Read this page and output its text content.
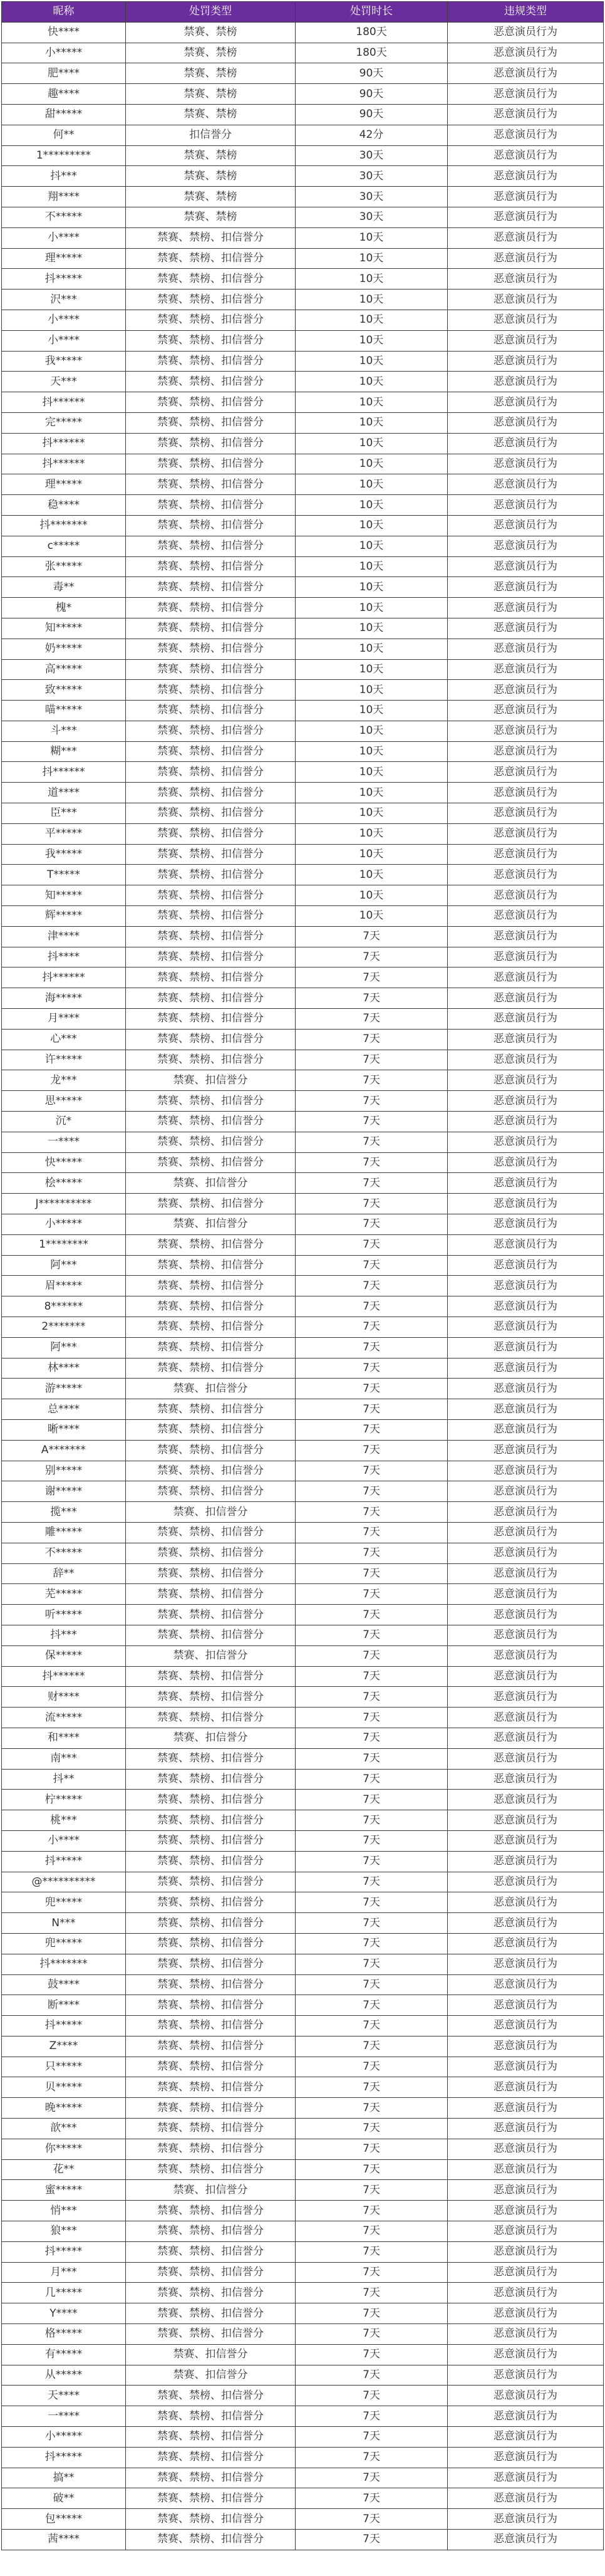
昵称	处罚类型	处罚时长	违规类型
快****	禁赛、禁榜	180天	恶意演员行为
小*****	禁赛、禁榜	180天	恶意演员行为
肥****	禁赛、禁榜	90天	恶意演员行为
趣****	禁赛、禁榜	90天	恶意演员行为
甜*****	禁赛、禁榜	90天	恶意演员行为
何**	扣信誉分	42分	恶意演员行为
1*********	禁赛、禁榜	30天	恶意演员行为
抖***	禁赛、禁榜	30天	恶意演员行为
翔****	禁赛、禁榜	30天	恶意演员行为
不*****	禁赛、禁榜	30天	恶意演员行为
小****	禁赛、禁榜、扣信誉分	10天	恶意演员行为
理*****	禁赛、禁榜、扣信誉分	10天	恶意演员行为
抖*****	禁赛、禁榜、扣信誉分	10天	恶意演员行为
沢***	禁赛、禁榜、扣信誉分	10天	恶意演员行为
小****	禁赛、禁榜、扣信誉分	10天	恶意演员行为
小****	禁赛、禁榜、扣信誉分	10天	恶意演员行为
我*****	禁赛、禁榜、扣信誉分	10天	恶意演员行为
天***	禁赛、禁榜、扣信誉分	10天	恶意演员行为
抖******	禁赛、禁榜、扣信誉分	10天	恶意演员行为
完*****	禁赛、禁榜、扣信誉分	10天	恶意演员行为
抖******	禁赛、禁榜、扣信誉分	10天	恶意演员行为
抖******	禁赛、禁榜、扣信誉分	10天	恶意演员行为
理*****	禁赛、禁榜、扣信誉分	10天	恶意演员行为
稳****	禁赛、禁榜、扣信誉分	10天	恶意演员行为
抖*******	禁赛、禁榜、扣信誉分	10天	恶意演员行为
c*****	禁赛、禁榜、扣信誉分	10天	恶意演员行为
张*****	禁赛、禁榜、扣信誉分	10天	恶意演员行为
毒**	禁赛、禁榜、扣信誉分	10天	恶意演员行为
槐*	禁赛、禁榜、扣信誉分	10天	恶意演员行为
知*****	禁赛、禁榜、扣信誉分	10天	恶意演员行为
奶*****	禁赛、禁榜、扣信誉分	10天	恶意演员行为
高*****	禁赛、禁榜、扣信誉分	10天	恶意演员行为
致*****	禁赛、禁榜、扣信誉分	10天	恶意演员行为
喵*****	禁赛、禁榜、扣信誉分	10天	恶意演员行为
斗***	禁赛、禁榜、扣信誉分	10天	恶意演员行为
糊***	禁赛、禁榜、扣信誉分	10天	恶意演员行为
抖******	禁赛、禁榜、扣信誉分	10天	恶意演员行为
道****	禁赛、禁榜、扣信誉分	10天	恶意演员行为
臣***	禁赛、禁榜、扣信誉分	10天	恶意演员行为
平*****	禁赛、禁榜、扣信誉分	10天	恶意演员行为
我*****	禁赛、禁榜、扣信誉分	10天	恶意演员行为
T*****	禁赛、禁榜、扣信誉分	10天	恶意演员行为
知*****	禁赛、禁榜、扣信誉分	10天	恶意演员行为
辉*****	禁赛、禁榜、扣信誉分	10天	恶意演员行为
津****	禁赛、禁榜、扣信誉分	7天	恶意演员行为
抖****	禁赛、禁榜、扣信誉分	7天	恶意演员行为
抖******	禁赛、禁榜、扣信誉分	7天	恶意演员行为
海*****	禁赛、禁榜、扣信誉分	7天	恶意演员行为
月****	禁赛、禁榜、扣信誉分	7天	恶意演员行为
心***	禁赛、禁榜、扣信誉分	7天	恶意演员行为
许*****	禁赛、禁榜、扣信誉分	7天	恶意演员行为
龙***	禁赛、扣信誉分	7天	恶意演员行为
思*****	禁赛、禁榜、扣信誉分	7天	恶意演员行为
沉*	禁赛、禁榜、扣信誉分	7天	恶意演员行为
一****	禁赛、禁榜、扣信誉分	7天	恶意演员行为
快*****	禁赛、禁榜、扣信誉分	7天	恶意演员行为
桧*****	禁赛、扣信誉分	7天	恶意演员行为
J**********	禁赛、禁榜、扣信誉分	7天	恶意演员行为
小*****	禁赛、扣信誉分	7天	恶意演员行为
1********	禁赛、禁榜、扣信誉分	7天	恶意演员行为
阿***	禁赛、禁榜、扣信誉分	7天	恶意演员行为
眉*****	禁赛、禁榜、扣信誉分	7天	恶意演员行为
8******	禁赛、禁榜、扣信誉分	7天	恶意演员行为
2*******	禁赛、禁榜、扣信誉分	7天	恶意演员行为
阿***	禁赛、禁榜、扣信誉分	7天	恶意演员行为
林****	禁赛、禁榜、扣信誉分	7天	恶意演员行为
游*****	禁赛、扣信誉分	7天	恶意演员行为
总****	禁赛、禁榜、扣信誉分	7天	恶意演员行为
晰****	禁赛、禁榜、扣信誉分	7天	恶意演员行为
A*******	禁赛、禁榜、扣信誉分	7天	恶意演员行为
别*****	禁赛、禁榜、扣信誉分	7天	恶意演员行为
谢*****	禁赛、禁榜、扣信誉分	7天	恶意演员行为
揽***	禁赛、扣信誉分	7天	恶意演员行为
雕*****	禁赛、禁榜、扣信誉分	7天	恶意演员行为
不*****	禁赛、禁榜、扣信誉分	7天	恶意演员行为
辞**	禁赛、禁榜、扣信誉分	7天	恶意演员行为
芜*****	禁赛、禁榜、扣信誉分	7天	恶意演员行为
听*****	禁赛、禁榜、扣信誉分	7天	恶意演员行为
抖***	禁赛、禁榜、扣信誉分	7天	恶意演员行为
保*****	禁赛、扣信誉分	7天	恶意演员行为
抖******	禁赛、禁榜、扣信誉分	7天	恶意演员行为
财****	禁赛、禁榜、扣信誉分	7天	恶意演员行为
流*****	禁赛、禁榜、扣信誉分	7天	恶意演员行为
和****	禁赛、扣信誉分	7天	恶意演员行为
南***	禁赛、禁榜、扣信誉分	7天	恶意演员行为
抖**	禁赛、禁榜、扣信誉分	7天	恶意演员行为
柠*****	禁赛、禁榜、扣信誉分	7天	恶意演员行为
桃***	禁赛、禁榜、扣信誉分	7天	恶意演员行为
小****	禁赛、禁榜、扣信誉分	7天	恶意演员行为
抖*****	禁赛、禁榜、扣信誉分	7天	恶意演员行为
@**********	禁赛、禁榜、扣信誉分	7天	恶意演员行为
兜*****	禁赛、禁榜、扣信誉分	7天	恶意演员行为
N***	禁赛、禁榜、扣信誉分	7天	恶意演员行为
兜*****	禁赛、禁榜、扣信誉分	7天	恶意演员行为
抖*******	禁赛、禁榜、扣信誉分	7天	恶意演员行为
鼓****	禁赛、禁榜、扣信誉分	7天	恶意演员行为
断****	禁赛、禁榜、扣信誉分	7天	恶意演员行为
抖*****	禁赛、禁榜、扣信誉分	7天	恶意演员行为
Z****	禁赛、禁榜、扣信誉分	7天	恶意演员行为
只*****	禁赛、禁榜、扣信誉分	7天	恶意演员行为
贝*****	禁赛、禁榜、扣信誉分	7天	恶意演员行为
晚*****	禁赛、禁榜、扣信誉分	7天	恶意演员行为
歆***	禁赛、禁榜、扣信誉分	7天	恶意演员行为
你*****	禁赛、禁榜、扣信誉分	7天	恶意演员行为
花**	禁赛、禁榜、扣信誉分	7天	恶意演员行为
蜜*****	禁赛、扣信誉分	7天	恶意演员行为
悄***	禁赛、禁榜、扣信誉分	7天	恶意演员行为
狼***	禁赛、禁榜、扣信誉分	7天	恶意演员行为
抖*****	禁赛、禁榜、扣信誉分	7天	恶意演员行为
月***	禁赛、禁榜、扣信誉分	7天	恶意演员行为
几*****	禁赛、禁榜、扣信誉分	7天	恶意演员行为
Y****	禁赛、禁榜、扣信誉分	7天	恶意演员行为
格*****	禁赛、禁榜、扣信誉分	7天	恶意演员行为
有*****	禁赛、扣信誉分	7天	恶意演员行为
从*****	禁赛、扣信誉分	7天	恶意演员行为
天****	禁赛、禁榜、扣信誉分	7天	恶意演员行为
一****	禁赛、禁榜、扣信誉分	7天	恶意演员行为
小*****	禁赛、禁榜、扣信誉分	7天	恶意演员行为
抖*****	禁赛、禁榜、扣信誉分	7天	恶意演员行为
搞**	禁赛、禁榜、扣信誉分	7天	恶意演员行为
破**	禁赛、禁榜、扣信誉分	7天	恶意演员行为
包*****	禁赛、禁榜、扣信誉分	7天	恶意演员行为
茜****	禁赛、禁榜、扣信誉分	7天	恶意演员行为
